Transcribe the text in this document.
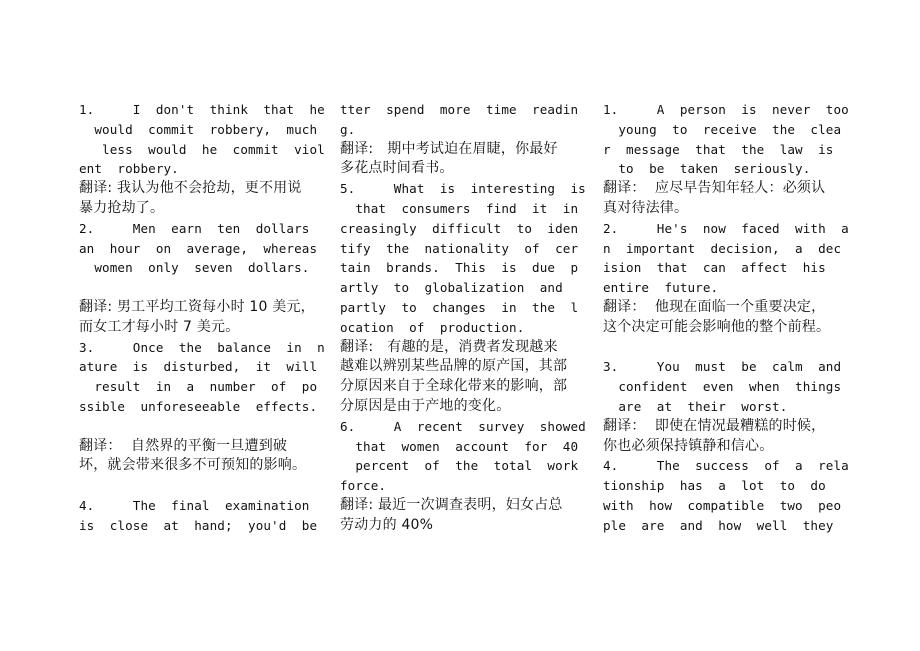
1.     I  don't  think  that  he
would  commit  robbery,  much
less  would  he  commit  viol
ent  robbery.
翻译: 我认为他不会抢劫，更不用说
暴力抢劫了。
2.     Men  earn  ten  dollars
an  hour  on  average,  whereas
women  only  seven  dollars.
翻译: 男工平均工资每小时 10 美元，
而女工才每小时 7 美元。
3.     Once  the  balance  in  n
ature  is  disturbed,  it  will
result  in  a  number  of  po
ssible  unforeseeable  effects.
翻译：  自然界的平衡一旦遭到破
坏，就会带来很多不可预知的影响。
4.     The  final  examination
is  close  at  hand;  you'd  be
tter  spend  more  time  readin
g.
翻译:   期中考试迫在眉睫，你最好
多花点时间看书。
5.     What  is  interesting  is
that  consumers  find  it  in
creasingly  difficult  to  iden
tify  the  nationality  of  cer
tain  brands.  This  is  due  p
artly  to  globalization  and
partly  to  changes  in  the  l
ocation  of  production.
翻译:   有趣的是，消费者发现越来
越难以辨别某些品牌的原产国，其部
分原因来自于全球化带来的影响，部
分原因是由于产地的变化。
6.     A  recent  survey  showed
that  women  account  for  40
percent  of  the  total  work
force.
翻译: 最近一次调查表明，妇女占总
劳动力的 40%
1.     A  person  is  never  too
young  to  receive  the  clea
r  message  that  the  law  is
to  be  taken  seriously.
翻译：  应尽早告知年轻人：必须认
真对待法律。
2.     He's  now  faced  with  a
n  important  decision,  a  dec
ision  that  can  affect  his
entire  future.
翻译：  他现在面临一个重要决定，
这个决定可能会影响他的整个前程。
3.     You  must  be  calm  and
confident  even  when  things
are  at  their  worst.
翻译：  即使在情况最糟糕的时候，
你也必须保持镇静和信心。
4.     The  success  of  a  rela
tionship  has  a  lot  to  do
with  how  compatible  two  peo
ple  are  and  how  well  they
